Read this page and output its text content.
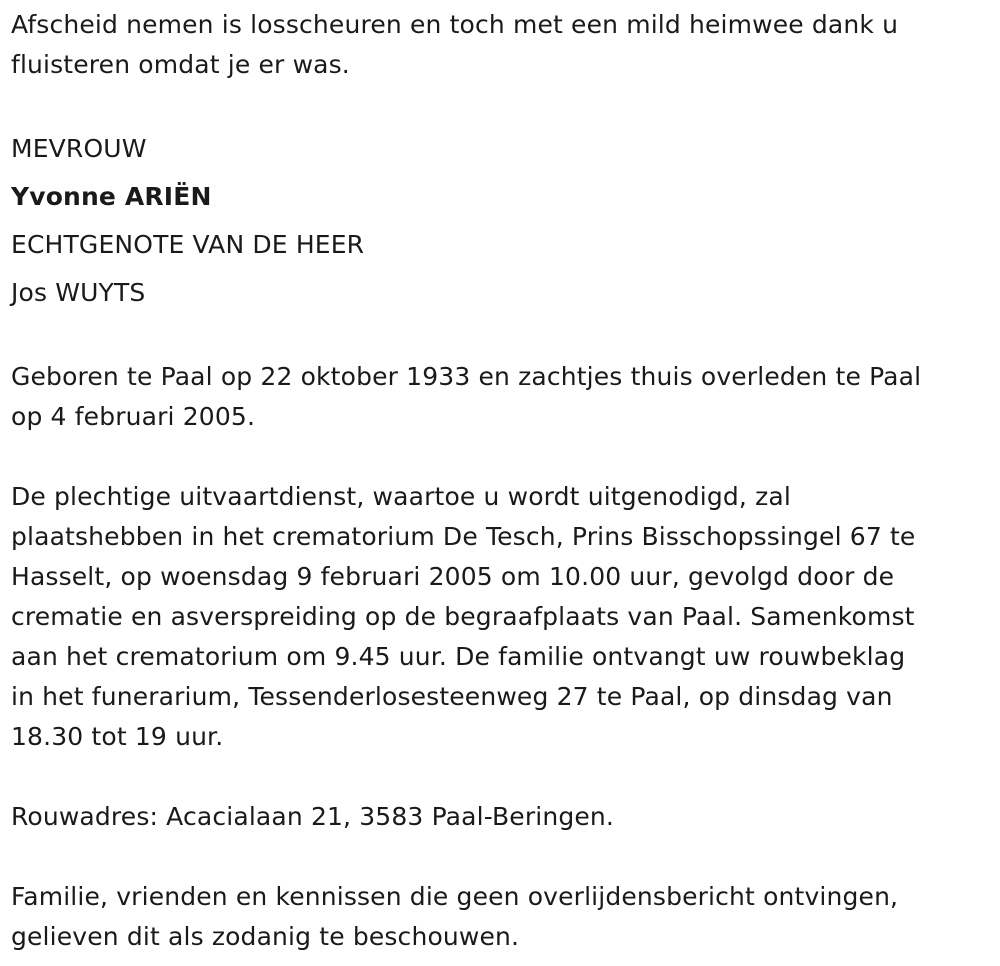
Afscheid nemen is losscheuren en toch met een mild heimwee dank u

fluisteren omdat je er was.

MEVROUW

Yvonne ARIËN

ECHTGENOTE VAN DE HEER

Jos WUYTS

Geboren te Paal op 22 oktober 1933 en zachtjes thuis overleden te Paal

op 4 februari 2005.

De plechtige uitvaartdienst, waartoe u wordt uitgenodigd, zal

plaatshebben in het crematorium De Tesch, Prins Bisschopssingel 67 te

Hasselt, op woensdag 9 februari 2005 om 10.00 uur, gevolgd door de

crematie en asverspreiding op de begraafplaats van Paal. Samenkomst

aan het crematorium om 9.45 uur. De familie ontvangt uw rouwbeklag

in het funerarium, Tessenderlosesteenweg 27 te Paal, op dinsdag van

18.30 tot 19 uur.

Rouwadres: Acacialaan 21, 3583 Paal-Beringen.

Familie, vrienden en kennissen die geen overlijdensbericht ontvingen,

gelieven dit als zodanig te beschouwen.
